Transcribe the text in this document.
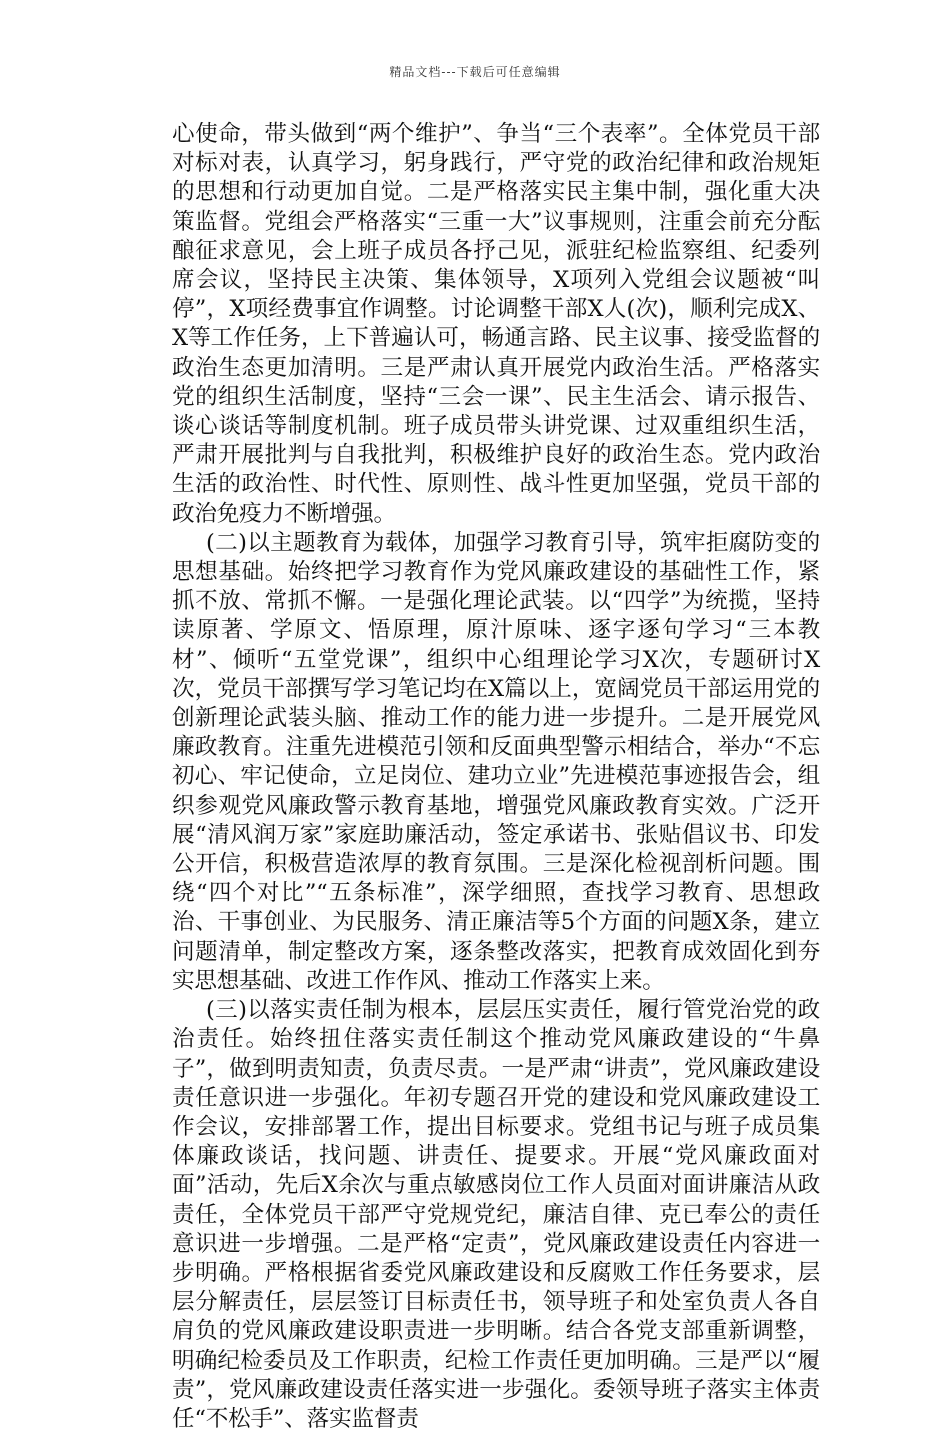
精品文档---下载后可任意编辑

心使命，带头做到“两个维护”、争当“三个表率”。全体党员干部对标对表，认真学习，躬身践行，严守党的政治纪律和政治规矩的思想和行动更加自觉。二是严格落实民主集中制，强化重大决策监督。党组会严格落实“三重一大”议事规则，注重会前充分酝酿征求意见，会上班子成员各抒己见，派驻纪检监察组、纪委列席会议，坚持民主决策、集体领导，X项列入党组会议题被“叫停”，X项经费事宜作调整。讨论调整干部X人(次)，顺利完成X、X等工作任务，上下普遍认可，畅通言路、民主议事、接受监督的政治生态更加清明。三是严肃认真开展党内政治生活。严格落实党的组织生活制度，坚持“三会一课”、民主生活会、请示报告、谈心谈话等制度机制。班子成员带头讲党课、过双重组织生活，严肃开展批判与自我批判，积极维护良好的政治生态。党内政治生活的政治性、时代性、原则性、战斗性更加坚强，党员干部的政治免疫力不断增强。

(二)以主题教育为载体，加强学习教育引导，筑牢拒腐防变的思想基础。始终把学习教育作为党风廉政建设的基础性工作，紧抓不放、常抓不懈。一是强化理论武装。以“四学”为统揽，坚持读原著、学原文、悟原理，原汁原味、逐字逐句学习“三本教材”、倾听“五堂党课”，组织中心组理论学习X次，专题研讨X次，党员干部撰写学习笔记均在X篇以上，宽阔党员干部运用党的创新理论武装头脑、推动工作的能力进一步提升。二是开展党风廉政教育。注重先进模范引领和反面典型警示相结合，举办“不忘初心、牢记使命，立足岗位、建功立业”先进模范事迹报告会，组织参观党风廉政警示教育基地，增强党风廉政教育实效。广泛开展“清风润万家”家庭助廉活动，签定承诺书、张贴倡议书、印发公开信，积极营造浓厚的教育氛围。三是深化检视剖析问题。围绕“四个对比”“五条标准”，深学细照，查找学习教育、思想政治、干事创业、为民服务、清正廉洁等5个方面的问题X条，建立问题清单，制定整改方案，逐条整改落实，把教育成效固化到夯实思想基础、改进工作作风、推动工作落实上来。

(三)以落实责任制为根本，层层压实责任，履行管党治党的政治责任。始终扭住落实责任制这个推动党风廉政建设的“牛鼻子”，做到明责知责，负责尽责。一是严肃“讲责”，党风廉政建设责任意识进一步强化。年初专题召开党的建设和党风廉政建设工作会议，安排部署工作，提出目标要求。党组书记与班子成员集体廉政谈话，找问题、讲责任、提要求。开展“党风廉政面对面”活动，先后X余次与重点敏感岗位工作人员面对面讲廉洁从政责任，全体党员干部严守党规党纪，廉洁自律、克已奉公的责任意识进一步增强。二是严格“定责”，党风廉政建设责任内容进一步明确。严格根据省委党风廉政建设和反腐败工作任务要求，层层分解责任，层层签订目标责任书，领导班子和处室负责人各自肩负的党风廉政建设职责进一步明晰。结合各党支部重新调整，明确纪检委员及工作职责，纪检工作责任更加明确。三是严以“履责”，党风廉政建设责任落实进一步强化。委领导班子落实主体责任“不松手”、落实监督责
